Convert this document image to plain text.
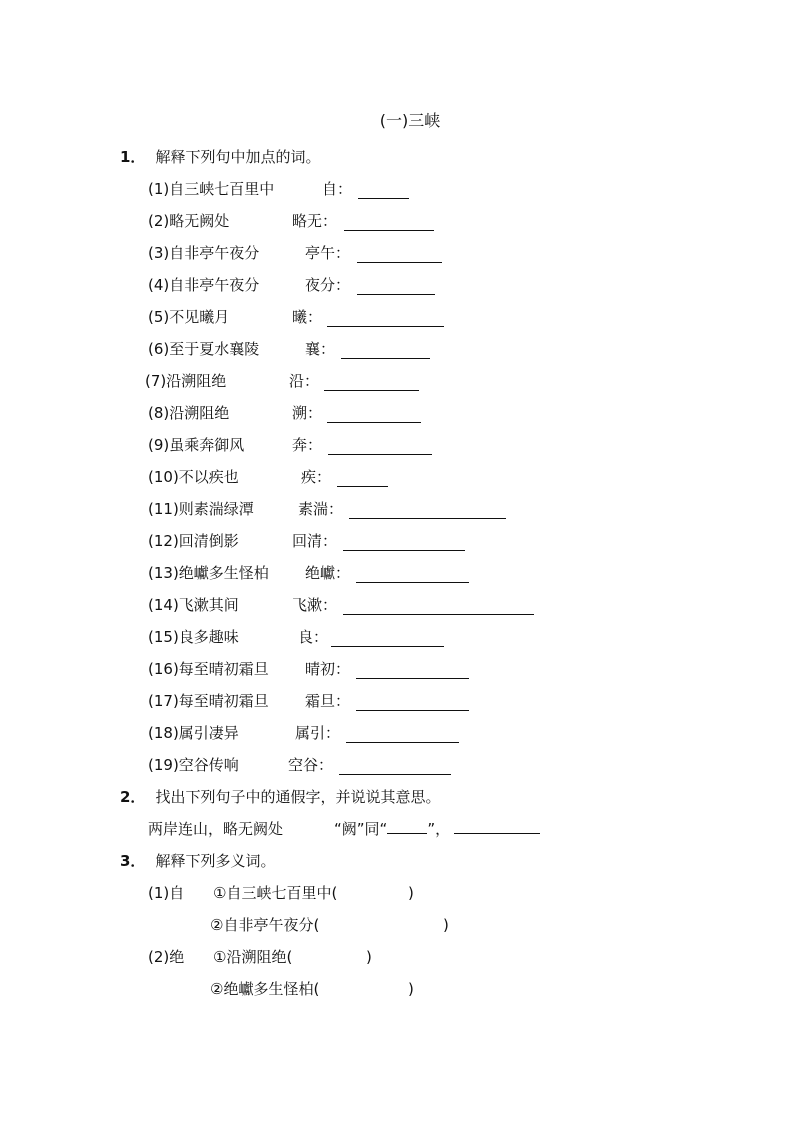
(一)三峡
1． 解释下列句中加点的词。
(1)自三峡七百里中	自：
(2)略无阙处	略无：
(3)自非亭午夜分	亭午：
(4)自非亭午夜分	夜分：
(5)不见曦月	曦：
(6)至于夏水襄陵	襄：
(7)沿溯阻绝	沿：
(8)沿溯阻绝	溯：
(9)虽乘奔御风	奔：
(10)不以疾也	疾：
(11)则素湍绿潭	素湍：
(12)回清倒影	回清：
(13)绝巘多生怪柏 绝巘：
(14)飞漱其间	飞漱：
(15)良多趣味	良：
(16)每至晴初霜旦 晴初：
(17)每至晴初霜旦 霜旦：
(18)属引凄异	属引：
(19)空谷传响	空谷：
2． 找出下列句子中的通假字，并说说其意思。
两岸连山，略无阙处	“阙”同“	”，
3． 解释下列多义词。
(1)自 ①自三峡七百里中(	)
②自非亭午夜分(	)
(2)绝 ①沿溯阻绝(	)
②绝巘多生怪柏(	)
